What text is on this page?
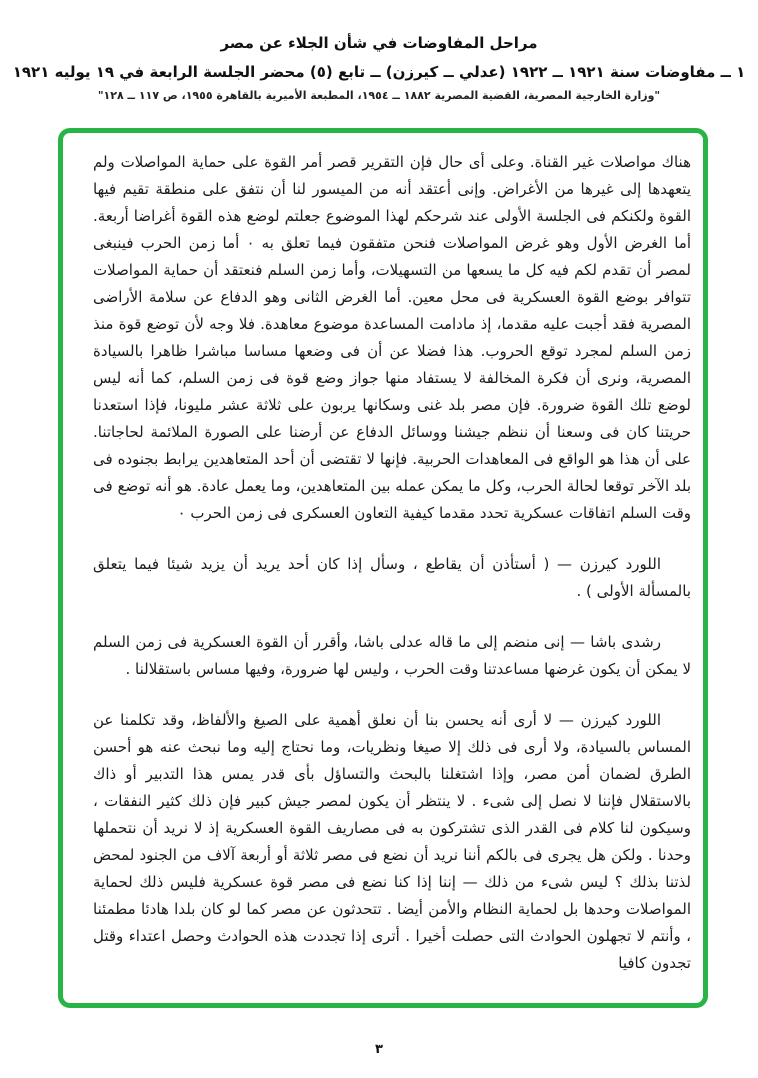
مراحل المفاوضات في شأن الجلاء عن مصر
١ ــ مفاوضات سنة ١٩٢١ ــ ١٩٢٢ (عدلي ــ كيرزن) ــ تابع (٥) محضر الجلسة الرابعة في ١٩ يوليه ١٩٢١
"وزارة الخارجية المصرية، القضية المصرية ١٨٨٢ ــ ١٩٥٤، المطبعة الأميرية بالقاهرة ١٩٥٥، ص ١١٧ ــ ١٢٨"

هناك مواصلات غير القناة. وعلى أى حال فإن التقرير قصر أمر القوة على حماية المواصلات ولم يتعهدها إلى غيرها من الأغراض. وإنى أعتقد أنه من الميسور لنا أن نتفق على منطقة تقيم فيها القوة ولكنكم فى الجلسة الأولى عند شرحكم لهذا الموضوع جعلتم لوضع هذه القوة أغراضا أربعة. أما الغرض الأول وهو غرض المواصلات فنحن متفقون فيما تعلق به ٠ أما زمن الحرب فينبغى لمصر أن تقدم لكم فيه كل ما يسعها من التسهيلات، وأما زمن السلم فنعتقد أن حماية المواصلات تتوافر بوضع القوة العسكرية فى محل معين. أما الغرض الثانى وهو الدفاع عن سلامة الأراضى المصرية فقد أجبت عليه مقدما، إذ مادامت المساعدة موضوع معاهدة. فلا وجه لأن توضع قوة منذ زمن السلم لمجرد توقع الحروب. هذا فضلا عن أن فى وضعها مساسا مباشرا ظاهرا بالسيادة المصرية، ونرى أن فكرة المخالفة لا يستفاد منها جواز وضع قوة فى زمن السلم، كما أنه ليس لوضع تلك القوة ضرورة. فإن مصر بلد غنى وسكانها يربون على ثلاثة عشر مليونا، فإذا استعدنا حريتنا كان فى وسعنا أن ننظم جيشنا ووسائل الدفاع عن أرضنا على الصورة الملائمة لحاجاتنا. على أن هذا هو الواقع فى المعاهدات الحربية. فإنها لا تقتضى أن أحد المتعاهدين يرابط بجنوده فى بلد الآخر توقعا لحالة الحرب، وكل ما يمكن عمله بين المتعاهدين، وما يعمل عادة. هو أنه توضع فى وقت السلم اتفاقات عسكرية تحدد مقدما كيفية التعاون العسكرى فى زمن الحرب ٠

اللورد كيرزن — ( أستأذن أن يقاطع ، وسأل إذا كان أحد يريد أن يزيد شيئا فيما يتعلق بالمسألة الأولى ) .

رشدى باشا — إنى منضم إلى ما قاله عدلى باشا، وأقرر أن القوة العسكرية فى زمن السلم لا يمكن أن يكون غرضها مساعدتنا وقت الحرب ، وليس لها ضرورة، وفيها مساس باستقلالنا .

اللورد كيرزن — لا أرى أنه يحسن بنا أن نعلق أهمية على الصيغ والألفاظ، وقد تكلمنا عن المساس بالسيادة، ولا أرى فى ذلك إلا صيغا ونظريات، وما نحتاج إليه وما نبحث عنه هو أحسن الطرق لضمان أمن مصر، وإذا اشتغلنا بالبحث والتساؤل بأى قدر يمس هذا التدبير أو ذاك بالاستقلال فإننا لا نصل إلى شىء . لا ينتظر أن يكون لمصر جيش كبير فإن ذلك كثير النفقات ، وسيكون لنا كلام فى القدر الذى تشتركون به فى مصاريف القوة العسكرية إذ لا نريد أن نتحملها وحدنا . ولكن هل يجرى فى بالكم أننا نريد أن نضع فى مصر ثلاثة أو أربعة آلاف من الجنود لمحض لذتنا بذلك ؟ ليس شىء من ذلك — إننا إذا كنا نضع فى مصر قوة عسكرية فليس ذلك لحماية المواصلات وحدها بل لحماية النظام والأمن أيضا . تتحدثون عن مصر كما لو كان بلدا هادئا مطمئنا ، وأنتم لا تجهلون الحوادث التى حصلت أخيرا . أترى إذا تجددت هذه الحوادث وحصل اعتداء وقتل تجدون كافيا

٣
